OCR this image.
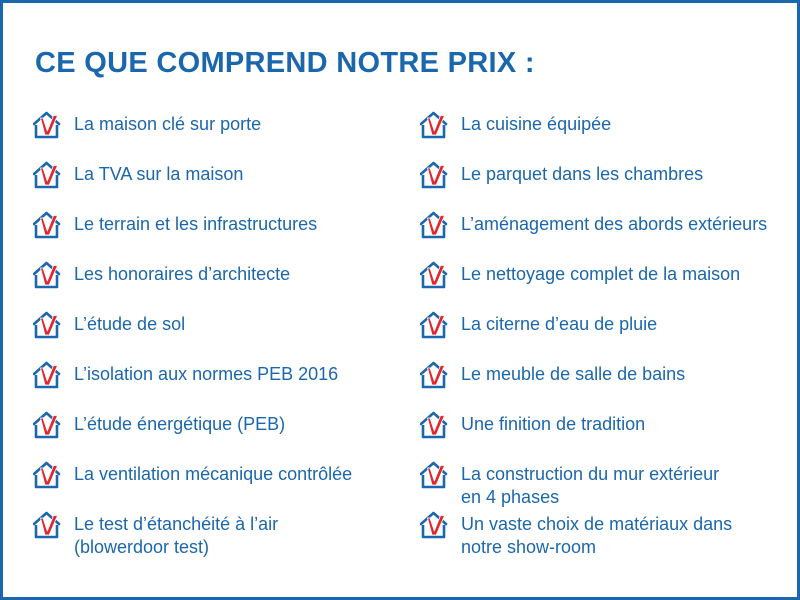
CE QUE COMPREND NOTRE PRIX :
La maison clé sur porte
La TVA sur la maison
Le terrain et les infrastructures
Les honoraires d’architecte
L’étude de sol
L’isolation aux normes PEB 2016
L’étude énergétique (PEB)
La ventilation mécanique contrôlée
Le test d’étanchéité à l’air
(blowerdoor test)
La cuisine équipée
Le parquet dans les chambres
L’aménagement des abords extérieurs
Le nettoyage complet de la maison
La citerne d’eau de pluie
Le meuble de salle de bains
Une finition de tradition
La construction du mur extérieur
en 4 phases
Un vaste choix de matériaux dans
notre show-room
